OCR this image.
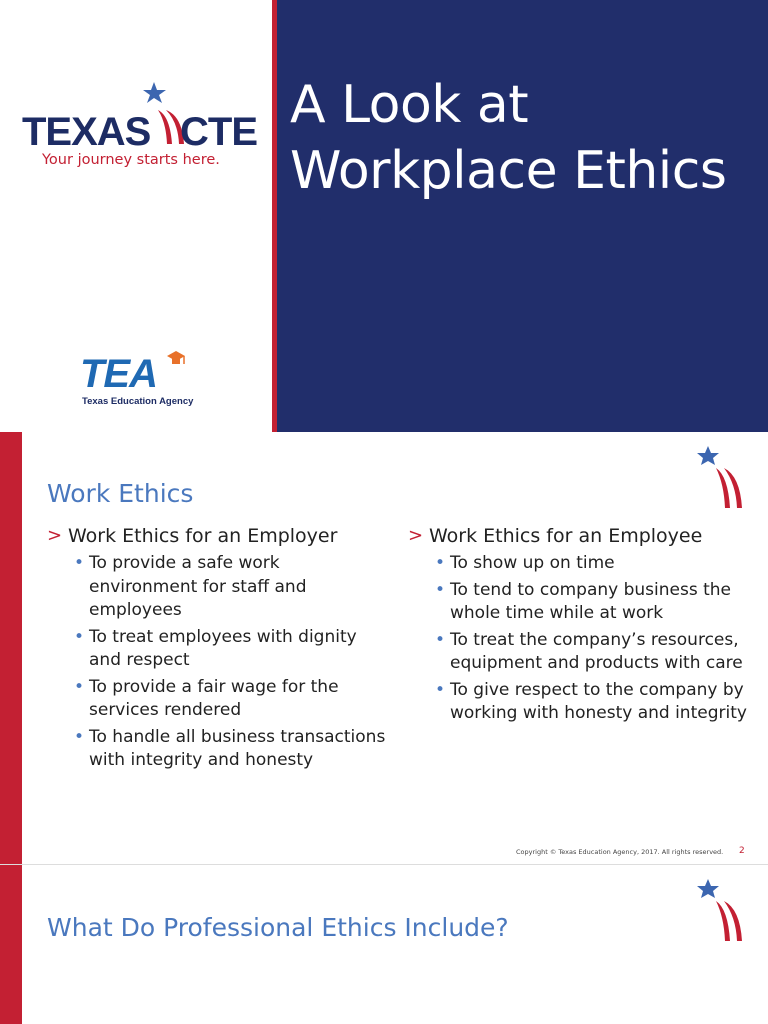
TEXAS CTE
Your journey starts here.
TEA
Texas Education Agency
A Look at
Workplace Ethics
Work Ethics
> Work Ethics for an Employer
• To provide a safe work environment for staff and employees
• To treat employees with dignity and respect
• To provide a fair wage for the services rendered
• To handle all business transactions with integrity and honesty
> Work Ethics for an Employee
• To show up on time
• To tend to company business the whole time while at work
• To treat the company’s resources, equipment and products with care
• To give respect to the company by working with honesty and integrity
Copyright © Texas Education Agency, 2017. All rights reserved. 2
What Do Professional Ethics Include?
